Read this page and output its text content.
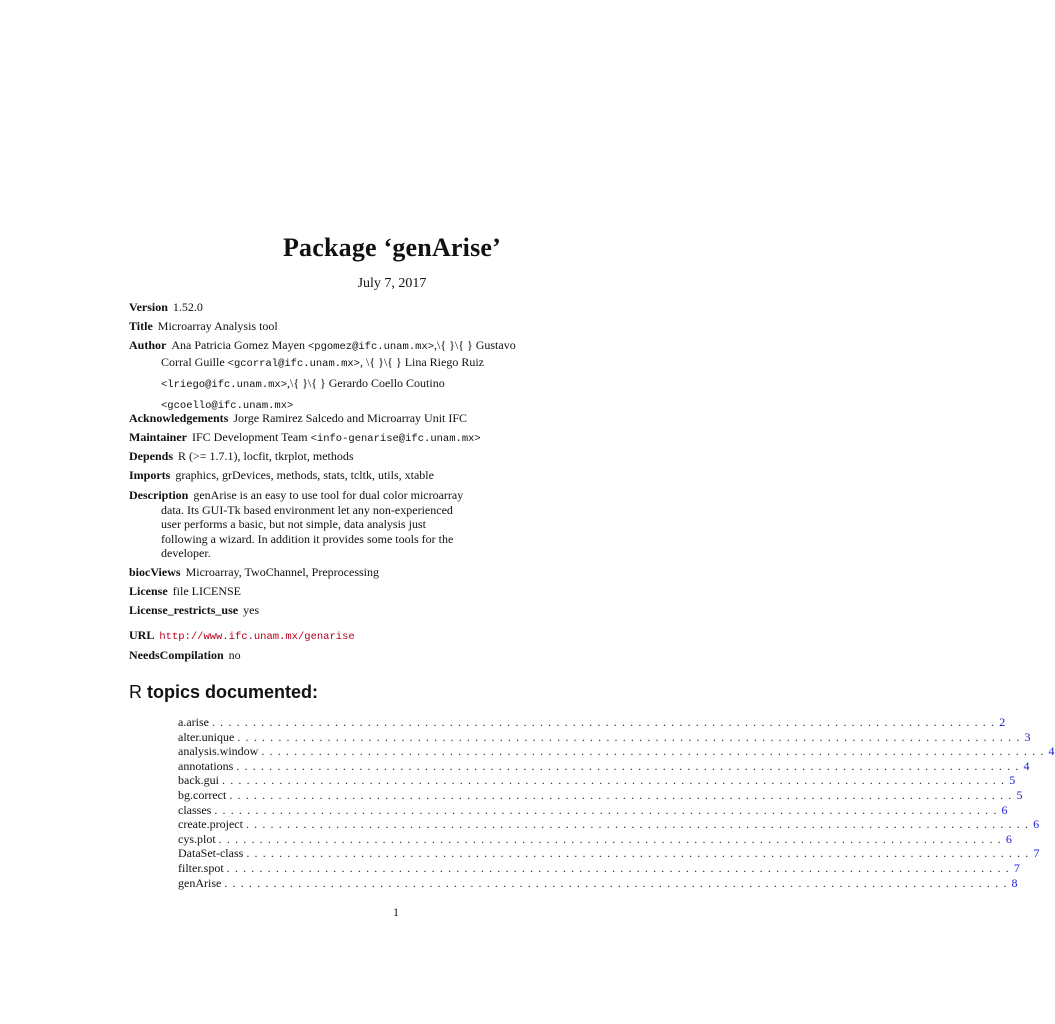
Package ‘genArise’
July 7, 2017
Version 1.52.0
Title Microarray Analysis tool
Author Ana Patricia Gomez Mayen <pgomez@ifc.unam.mx>,\{ }\{ } Gustavo
Corral Guille <gcorral@ifc.unam.mx>, \{ }\{ } Lina Riego Ruiz
<lriego@ifc.unam.mx>,\{ }\{ } Gerardo Coello Coutino
<gcoello@ifc.unam.mx>
Acknowledgements Jorge Ramirez Salcedo and Microarray Unit IFC
Maintainer IFC Development Team <info-genarise@ifc.unam.mx>
Depends R (>= 1.7.1), locfit, tkrplot, methods
Imports graphics, grDevices, methods, stats, tcltk, utils, xtable
Description genArise is an easy to use tool for dual color microarray
data. Its GUI-Tk based environment let any non-experienced
user performs a basic, but not simple, data analysis just
following a wizard. In addition it provides some tools for the
developer.
biocViews Microarray, TwoChannel, Preprocessing
License file LICENSE
License_restricts_use yes
URL http://www.ifc.unam.mx/genarise
NeedsCompilation no
R topics documented:
a.arise ................................................................................................ 2
alter.unique ................................................................................................ 3
analysis.window ................................................................................................ 4
annotations ................................................................................................ 4
back.gui ................................................................................................ 5
bg.correct ................................................................................................ 5
classes ................................................................................................ 6
create.project ................................................................................................ 6
cys.plot ................................................................................................ 6
DataSet-class ................................................................................................ 7
filter.spot ................................................................................................ 7
genArise ................................................................................................ 8
1
